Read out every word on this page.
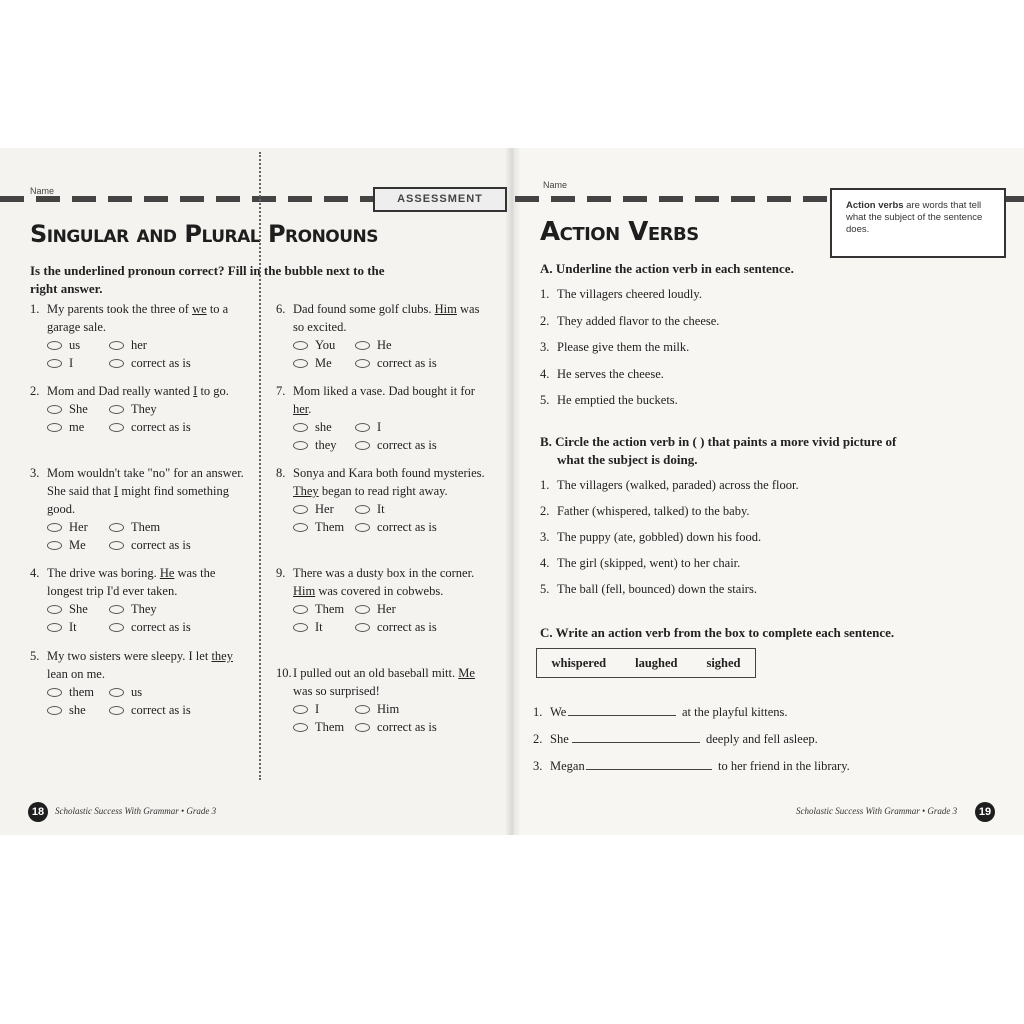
Name
ASSESSMENT
Singular and Plural Pronouns
Is the underlined pronoun correct? Fill in the bubble next to the right answer.
1. My parents took the three of we to a garage sale.
us	her
I	correct as is
2. Mom and Dad really wanted I to go.
She	They
me	correct as is
3. Mom wouldn't take "no" for an answer. She said that I might find something good.
Her	Them
Me	correct as is
4. The drive was boring. He was the longest trip I'd ever taken.
She	They
It	correct as is
5. My two sisters were sleepy. I let they lean on me.
them	us
she	correct as is
6. Dad found some golf clubs. Him was so excited.
You	He
Me	correct as is
7. Mom liked a vase. Dad bought it for her.
she	I
they	correct as is
8. Sonya and Kara both found mysteries. They began to read right away.
Her	It
Them	correct as is
9. There was a dusty box in the corner. Him was covered in cobwebs.
Them	Her
It	correct as is
10. I pulled out an old baseball mitt. Me was so surprised!
I	Him
Them	correct as is
18	Scholastic Success With Grammar • Grade 3
Name
Action Verbs

Action verbs are words that tell what the subject of the sentence does.

A. Underline the action verb in each sentence.
1. The villagers cheered loudly.
2. They added flavor to the cheese.
3. Please give them the milk.
4. He serves the cheese.
5. He emptied the buckets.
B. Circle the action verb in ( ) that paints a more vivid picture of
what the subject is doing.
1. The villagers (walked, paraded) across the floor.
2. Father (whispered, talked) to the baby.
3. The puppy (ate, gobbled) down his food.
4. The girl (skipped, went) to her chair.
5. The ball (fell, bounced) down the stairs.
C. Write an action verb from the box to complete each sentence.
whispered laughed sighed
1. We	at the playful kittens.
2. She	deeply and fell asleep.
3. Megan	to her friend in the library.
Scholastic Success With Grammar • Grade 3	19
